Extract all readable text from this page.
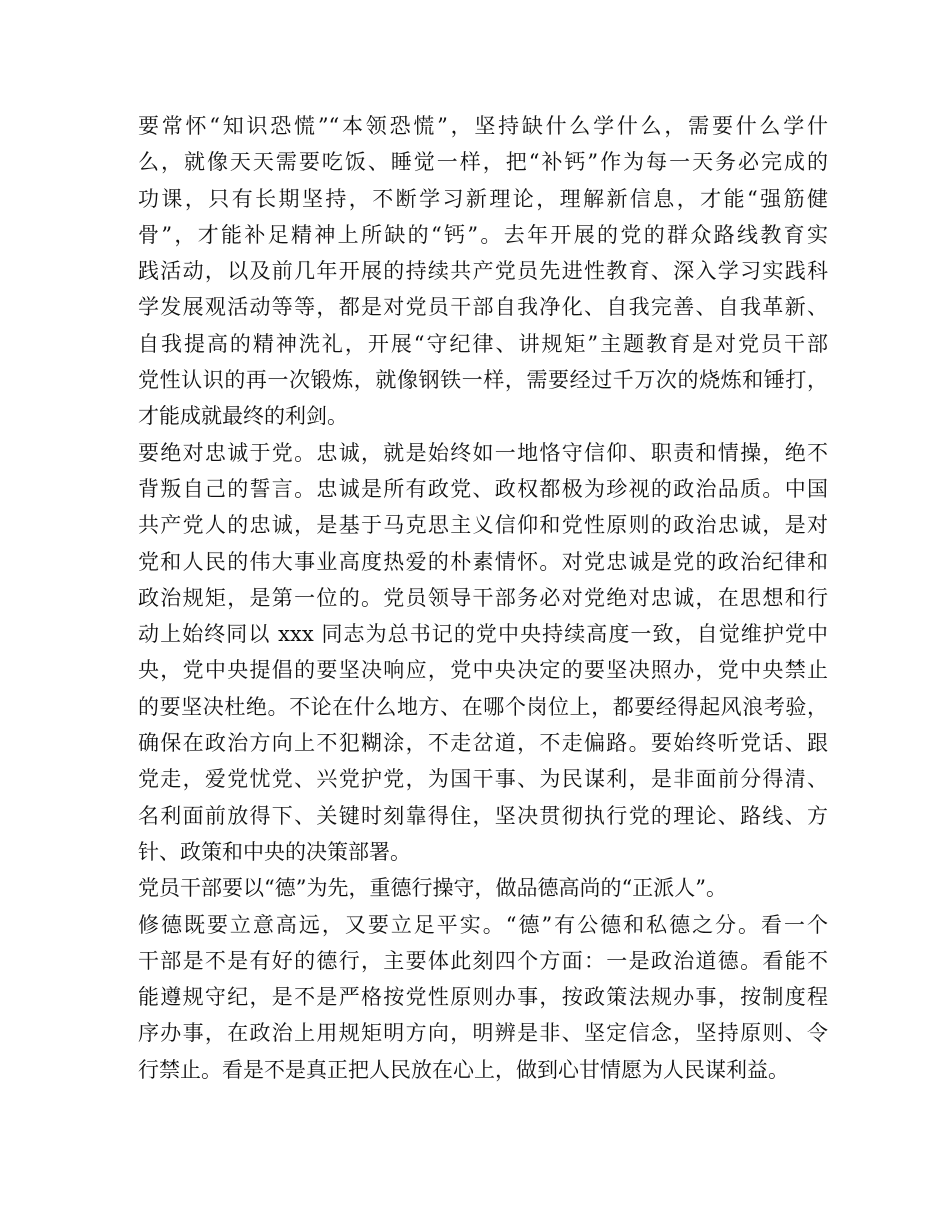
要常怀“知识恐慌”“本领恐慌”，坚持缺什么学什么，需要什么学什
么，就像天天需要吃饭、睡觉一样，把“补钙”作为每一天务必完成的
功课，只有长期坚持，不断学习新理论，理解新信息，才能“强筋健
骨”，才能补足精神上所缺的“钙”。去年开展的党的群众路线教育实
践活动，以及前几年开展的持续共产党员先进性教育、深入学习实践科
学发展观活动等等，都是对党员干部自我净化、自我完善、自我革新、
自我提高的精神洗礼，开展“守纪律、讲规矩”主题教育是对党员干部
党性认识的再一次锻炼，就像钢铁一样，需要经过千万次的烧炼和锤打，
才能成就最终的利剑。
要绝对忠诚于党。忠诚，就是始终如一地恪守信仰、职责和情操，绝不
背叛自己的誓言。忠诚是所有政党、政权都极为珍视的政治品质。中国
共产党人的忠诚，是基于马克思主义信仰和党性原则的政治忠诚，是对
党和人民的伟大事业高度热爱的朴素情怀。对党忠诚是党的政治纪律和
政治规矩，是第一位的。党员领导干部务必对党绝对忠诚，在思想和行
动上始终同以 xxx 同志为总书记的党中央持续高度一致，自觉维护党中
央，党中央提倡的要坚决响应，党中央决定的要坚决照办，党中央禁止
的要坚决杜绝。不论在什么地方、在哪个岗位上，都要经得起风浪考验，
确保在政治方向上不犯糊涂，不走岔道，不走偏路。要始终听党话、跟
党走，爱党忧党、兴党护党，为国干事、为民谋利，是非面前分得清、
名利面前放得下、关键时刻靠得住，坚决贯彻执行党的理论、路线、方
针、政策和中央的决策部署。
党员干部要以“德”为先，重德行操守，做品德高尚的“正派人”。
修德既要立意高远，又要立足平实。“德”有公德和私德之分。看一个
干部是不是有好的德行，主要体此刻四个方面：一是政治道德。看能不
能遵规守纪，是不是严格按党性原则办事，按政策法规办事，按制度程
序办事，在政治上用规矩明方向，明辨是非、坚定信念，坚持原则、令
行禁止。看是不是真正把人民放在心上，做到心甘情愿为人民谋利益。
